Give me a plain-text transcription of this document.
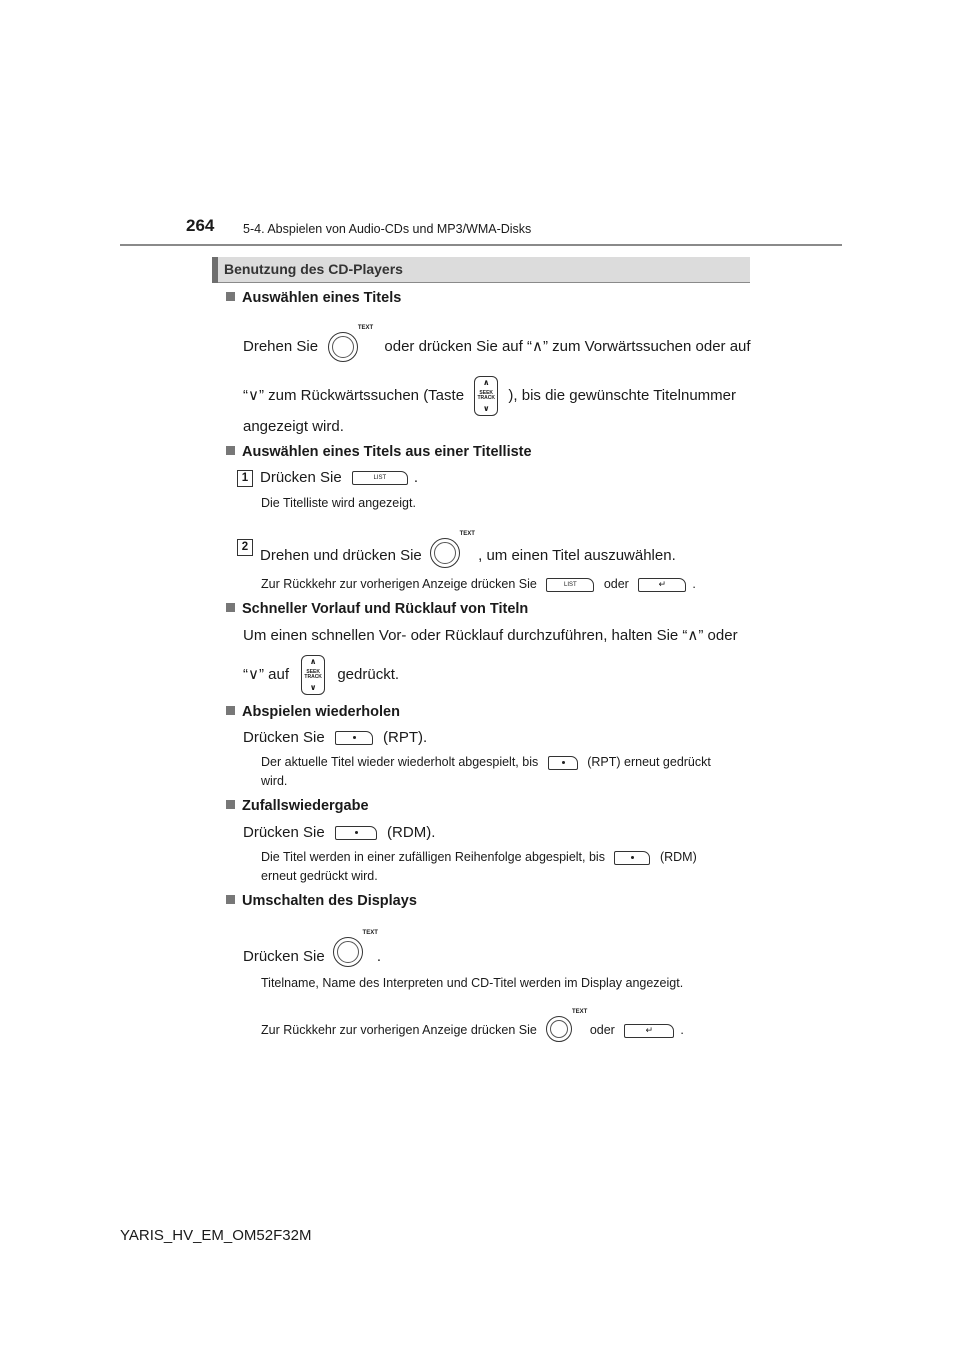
264 5-4. Abspielen von Audio-CDs und MP3/WMA-Disks
Benutzung des CD-Players
Auswählen eines Titels
Drehen Sie
TEXT
oder drücken Sie auf “∧” zum Vorwärtssuchen oder auf
“∨” zum Rückwärtssuchen (Taste
∧
SEEK TRACK
∨
), bis die gewünschte Titelnummer
angezeigt wird.
Auswählen eines Titels aus einer Titelliste
1 Drücken Sie	LIST .
Die Titelliste wird angezeigt.
2 Drehen und drücken Sie
TEXT
, um einen Titel auszuwählen.
Zur Rückkehr zur vorherigen Anzeige drücken Sie	LIST oder	↵ .
Schneller Vorlauf und Rücklauf von Titeln
Um einen schnellen Vor- oder Rücklauf durchzuführen, halten Sie “∧” oder
“∨” auf
∧
SEEK TRACK
∨
gedrückt.
Abspielen wiederholen
Drücken Sie	(RPT).
Der aktuelle Titel wieder wiederholt abgespielt, bis	(RPT) erneut gedrückt
wird.
Zufallswiedergabe
Drücken Sie	(RDM).
Die Titel werden in einer zufälligen Reihenfolge abgespielt, bis	(RDM)
erneut gedrückt wird.
Umschalten des Displays
Drücken Sie
TEXT
.
Titelname, Name des Interpreten und CD-Titel werden im Display angezeigt.
Zur Rückkehr zur vorherigen Anzeige drücken Sie
TEXT
oder	↵ .
YARIS_HV_EM_OM52F32M
